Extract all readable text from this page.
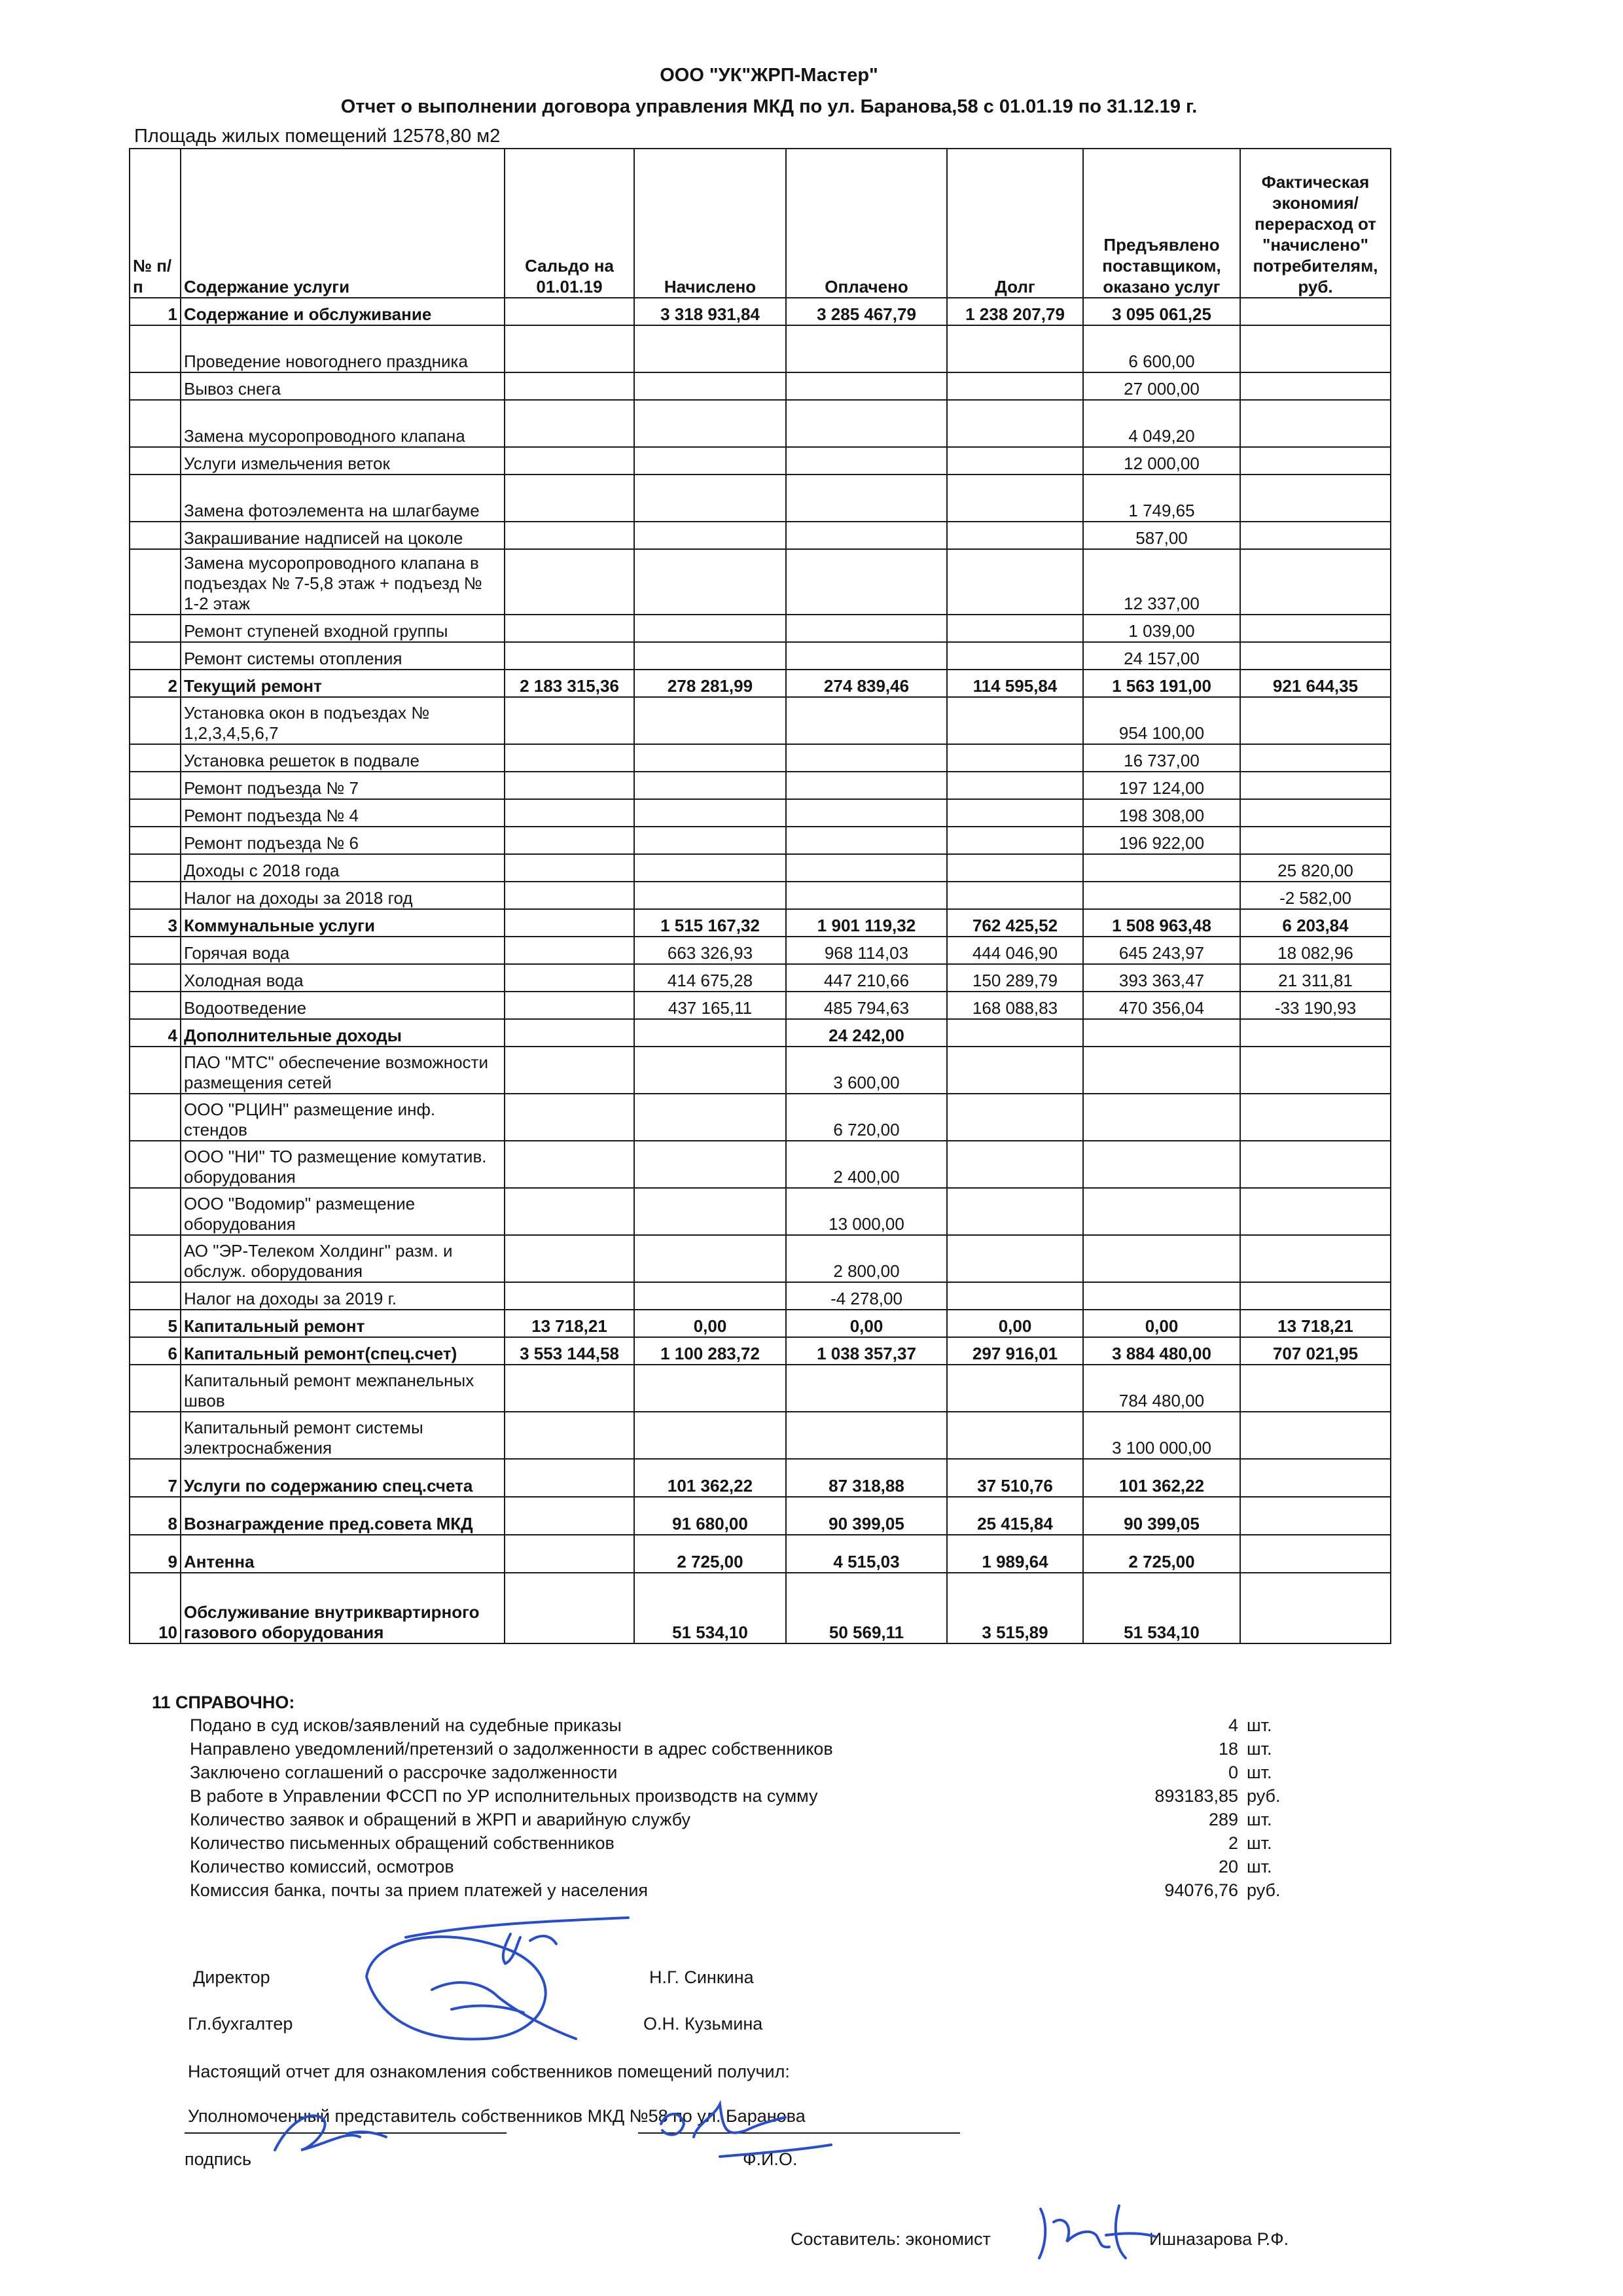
ООО "УК"ЖРП-Мастер"
Отчет о выполнении договора управления МКД по ул. Баранова,58 с 01.01.19 по 31.12.19 г.
Площадь жилых помещений 12578,80 м2
№ п/п	Содержание услуги	Сальдо на 01.01.19	Начислено	Оплачено	Долг	Предъявлено поставщиком, оказано услуг	Фактическая экономия/перерасход от "начислено" потребителям, руб.
1	Содержание и обслуживание		3 318 931,84	3 285 467,79	1 238 207,79	3 095 061,25	
	Проведение новогоднего праздника					6 600,00	
	Вывоз снега					27 000,00	
	Замена мусоропроводного клапана					4 049,20	
	Услуги измельчения веток					12 000,00	
	Замена фотоэлемента на шлагбауме					1 749,65	
	Закрашивание надписей на цоколе					587,00	
	Замена мусоропроводного клапана в подъездах № 7-5,8 этаж + подъезд № 1-2 этаж					12 337,00	
	Ремонт ступеней входной группы					1 039,00	
	Ремонт системы отопления					24 157,00	
2	Текущий ремонт	2 183 315,36	278 281,99	274 839,46	114 595,84	1 563 191,00	921 644,35
	Установка окон в подъездах № 1,2,3,4,5,6,7					954 100,00	
	Установка решеток в подвале					16 737,00	
	Ремонт подъезда № 7					197 124,00	
	Ремонт подъезда № 4					198 308,00	
	Ремонт подъезда № 6					196 922,00	
	Доходы с 2018 года						25 820,00
	Налог на доходы за 2018 год						-2 582,00
3	Коммунальные услуги		1 515 167,32	1 901 119,32	762 425,52	1 508 963,48	6 203,84
	Горячая вода		663 326,93	968 114,03	444 046,90	645 243,97	18 082,96
	Холодная вода		414 675,28	447 210,66	150 289,79	393 363,47	21 311,81
	Водоотведение		437 165,11	485 794,63	168 088,83	470 356,04	-33 190,93
4	Дополнительные доходы			24 242,00			
	ПАО "МТС" обеспечение возможности размещения сетей			3 600,00			
	ООО "РЦИН" размещение инф. стендов			6 720,00			
	ООО "НИ" ТО размещение комутатив. оборудования			2 400,00			
	ООО "Водомир" размещение оборудования			13 000,00			
	АО "ЭР-Телеком Холдинг" разм. и обслуж. оборудования			2 800,00			
	Налог на доходы за 2019 г.			-4 278,00			
5	Капитальный ремонт	13 718,21	0,00	0,00	0,00	0,00	13 718,21
6	Капитальный ремонт(спец.счет)	3 553 144,58	1 100 283,72	1 038 357,37	297 916,01	3 884 480,00	707 021,95
	Капитальный ремонт межпанельных швов					784 480,00	
	Капитальный ремонт системы электроснабжения					3 100 000,00	
7	Услуги по содержанию спец.счета		101 362,22	87 318,88	37 510,76	101 362,22	
8	Вознаграждение пред.совета МКД		91 680,00	90 399,05	25 415,84	90 399,05	
9	Антенна		2 725,00	4 515,03	1 989,64	2 725,00	
10	Обслуживание внутриквартирного газового оборудования		51 534,10	50 569,11	3 515,89	51 534,10	
11 СПРАВОЧНО:
Подано в суд исков/заявлений на судебные приказы	4 шт.
Направлено уведомлений/претензий о задолженности в адрес собственников	18 шт.
Заключено соглашений о рассрочке задолженности	0 шт.
В работе в Управлении ФССП по УР исполнительных производств на сумму	893183,85 руб.
Количество заявок и обращений в ЖРП и аварийную службу	289 шт.
Количество письменных обращений собственников	2 шт.
Количество комиссий, осмотров	20 шт.
Комиссия банка, почты за прием платежей у населения	94076,76 руб.
Директор	Н.Г. Синкина
Гл.бухгалтер	О.Н. Кузьмина
Настоящий отчет для ознакомления собственников помещений получил:
Уполномоченный представитель собственников МКД №58 по ул. Баранова
подпись	Ф.И.О.
Составитель: экономист	Ишназарова Р.Ф.
